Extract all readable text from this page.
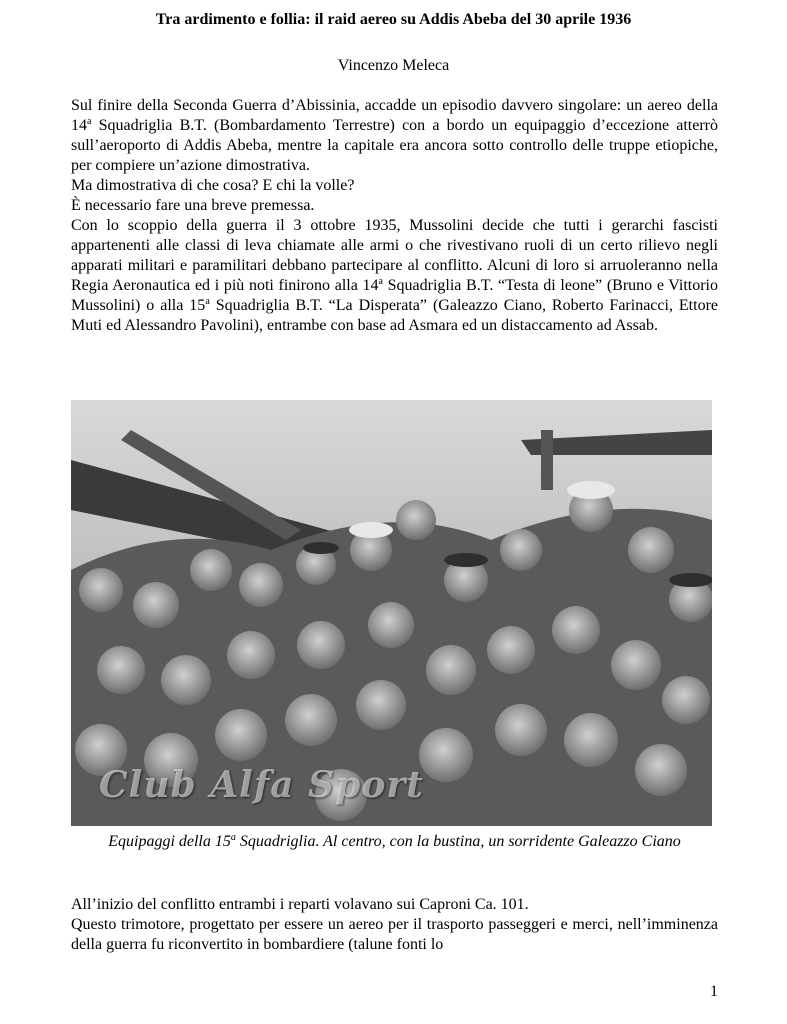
Tra ardimento e follia: il raid aereo su Addis Abeba del 30 aprile 1936
Vincenzo Meleca

Sul finire della Seconda Guerra d’Abissinia, accadde un episodio davvero singolare: un aereo della 14$^a$ Squadriglia B.T. (Bombardamento Terrestre) con a bordo un equipaggio d’eccezione atterrò sull’aeroporto di Addis Abeba, mentre la capitale era ancora sotto controllo delle truppe etiopiche, per compiere un’azione dimostrativa.

Ma dimostrativa di che cosa? E chi la volle?

È necessario fare una breve premessa.

Con lo scoppio della guerra il 3 ottobre 1935, Mussolini decide che tutti i gerarchi fascisti appartenenti alle classi di leva chiamate alle armi o che rivestivano ruoli di un certo rilievo negli apparati militari e paramilitari debbano partecipare al conflitto. Alcuni di loro si arruoleranno nella Regia Aeronautica ed i più noti finirono alla 14$^a$ Squadriglia B.T. “Testa di leone” (Bruno e Vittorio Mussolini) o alla 15$^a$ Squadriglia B.T. “La Disperata” (Galeazzo Ciano, Roberto Farinacci, Ettore Muti ed Alessandro Pavolini), entrambe con base ad Asmara ed un distaccamento ad Assab.

Club Alfa Sport
Equipaggi della 15$^a$ Squadriglia. Al centro, con la bustina, un sorridente Galeazzo Ciano

All’inizio del conflitto entrambi i reparti volavano sui Caproni Ca. 101.

Questo trimotore, progettato per essere un aereo per il trasporto passeggeri e merci, nell’imminenza della guerra fu riconvertito in bombardiere (talune fonti lo

1
